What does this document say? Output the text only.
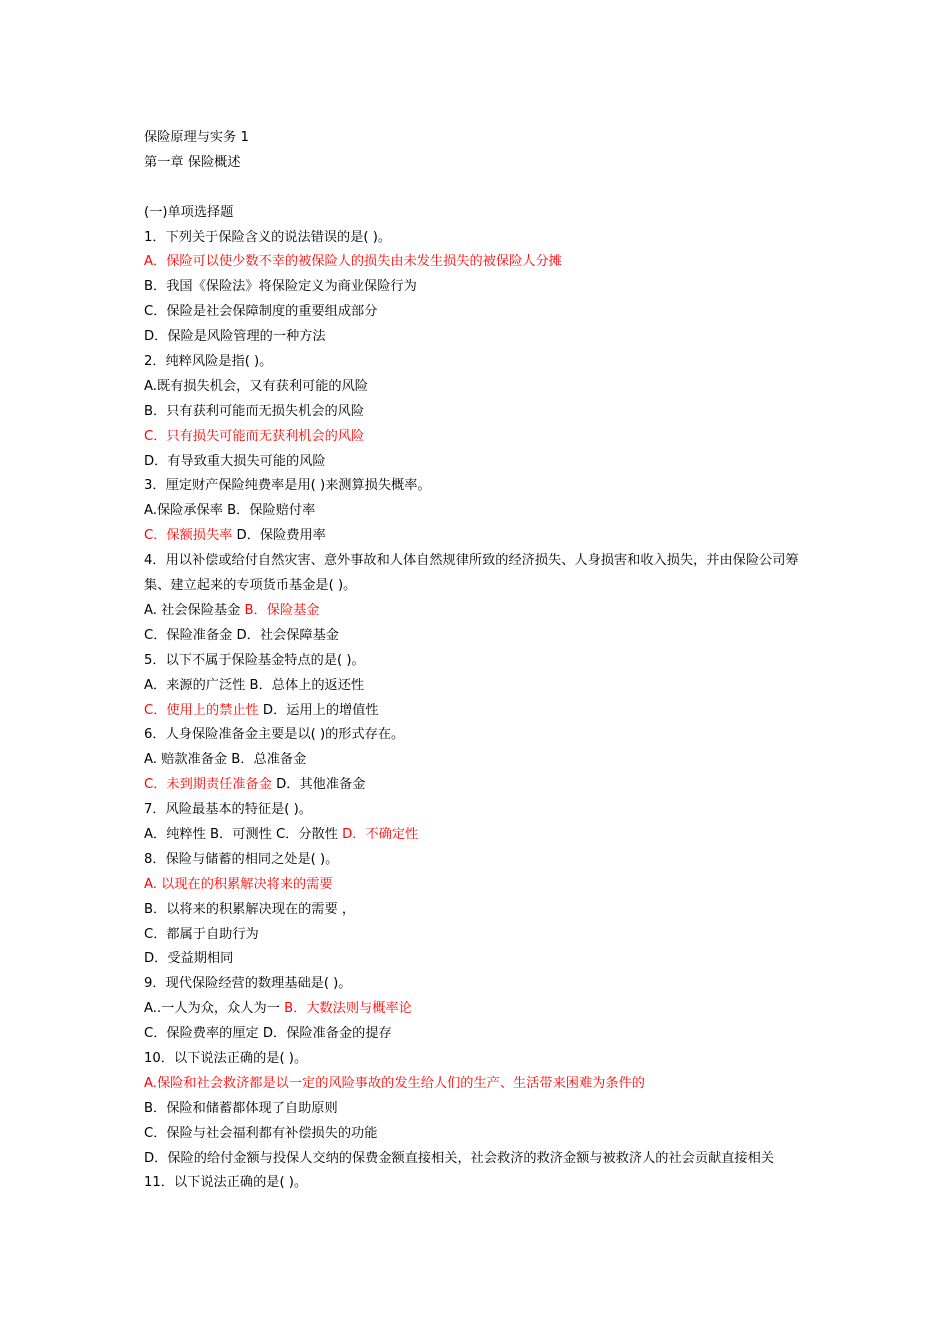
保险原理与实务 1
第一章 保险概述
(一)单项选择题
1．下列关于保险含义的说法错误的是( )。
A．保险可以使少数不幸的被保险人的损失由未发生损失的被保险人分摊
B．我国《保险法》将保险定义为商业保险行为
C．保险是社会保障制度的重要组成部分
D．保险是风险管理的一种方法
2．纯粹风险是指( )。
A.既有损失机会，又有获利可能的风险
B．只有获利可能而无损失机会的风险
C．只有损失可能而无获利机会的风险
D．有导致重大损失可能的风险
3．厘定财产保险纯费率是用( )来测算损失概率。
A.保险承保率 B．保险赔付率
C．保额损失率 D．保险费用率
4．用以补偿或给付自然灾害、意外事故和人体自然规律所致的经济损失、人身损害和收入损失，并由保险公司筹集、建立起来的专项货币基金是( )。
A. 社会保险基金 B．保险基金
C．保险准备金 D．社会保障基金
5．以下不属于保险基金特点的是( )。
A．来源的广泛性 B．总体上的返还性
C．使用上的禁止性 D．运用上的增值性
6．人身保险准备金主要是以( )的形式存在。
A. 赔款准备金 B．总准备金
C．未到期责任准备金 D．其他准备金
7．风险最基本的特征是( )。
A．纯粹性 B．可测性 C．分散性 D．不确定性
8．保险与储蓄的相同之处是( )。
A. 以现在的积累解决将来的需要
B．以将来的积累解决现在的需要 ，
C．都属于自助行为
D．受益期相同
9．现代保险经营的数理基础是( )。
A..一人为众，众人为一 B．大数法则与概率论
C．保险费率的厘定 D．保险准备金的提存
10．以下说法正确的是( )。
A.保险和社会救济都是以一定的风险事故的发生给人们的生产、生活带来困难为条件的
B．保险和储蓄都体现了自助原则
C．保险与社会福利都有补偿损失的功能
D．保险的给付金额与投保人交纳的保费金额直接相关，社会救济的救济金额与被救济人的社会贡献直接相关
11．以下说法正确的是( )。
